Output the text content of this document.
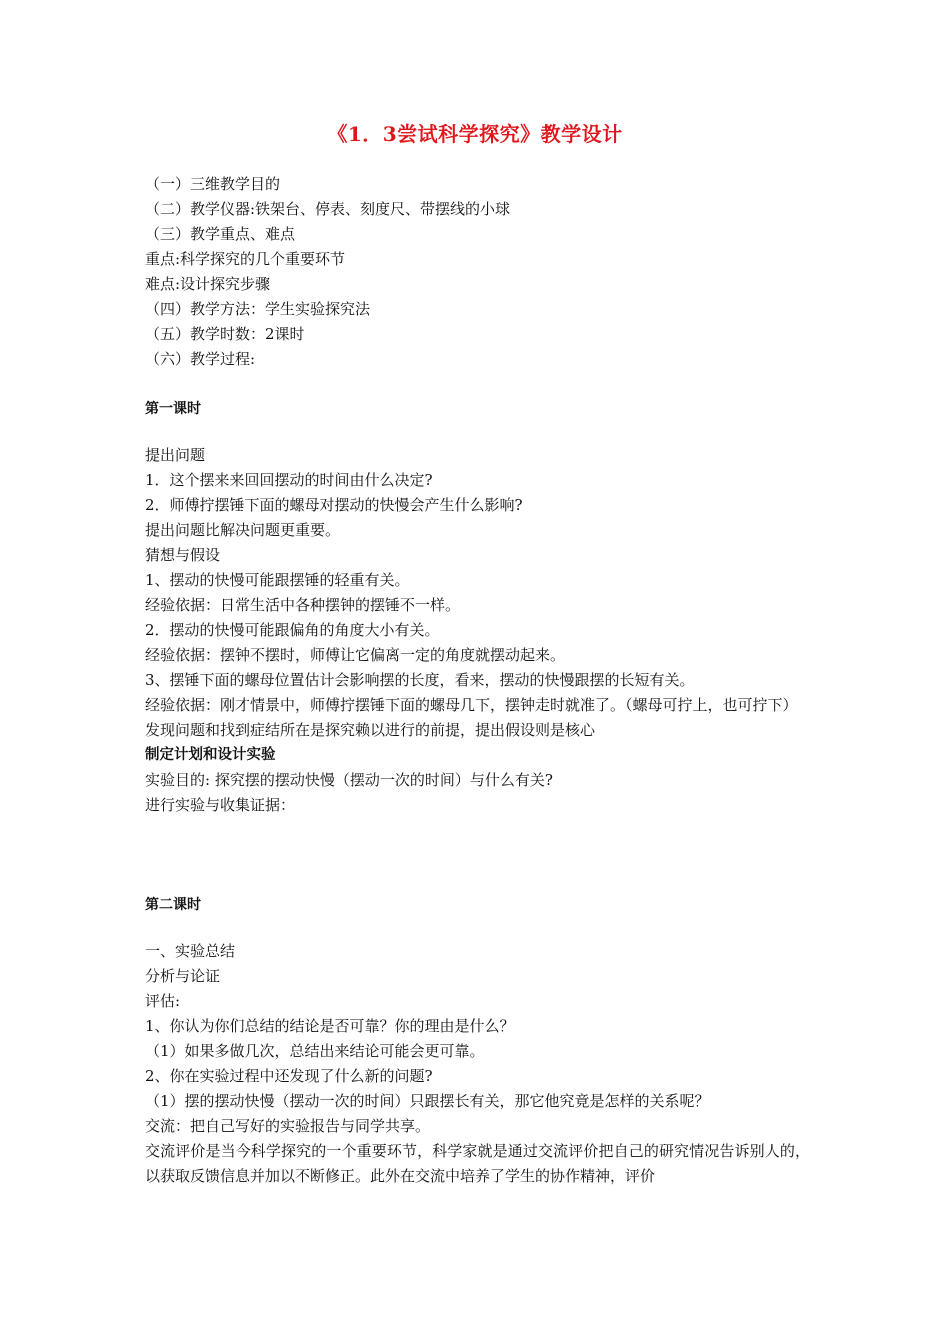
《1．3尝试科学探究》教学设计
（一）三维教学目的
（二）教学仪器:铁架台、停表、刻度尺、带摆线的小球
（三）教学重点、难点
重点:科学探究的几个重要环节
难点:设计探究步骤
（四）教学方法：学生实验探究法
（五）教学时数：2课时
（六）教学过程:
第一课时
提出问题
1．这个摆来来回回摆动的时间由什么决定?
2．师傅拧摆锤下面的螺母对摆动的快慢会产生什么影响?
提出问题比解决问题更重要。
猜想与假设
1、摆动的快慢可能跟摆锤的轻重有关。
经验依据：日常生活中各种摆钟的摆锤不一样。
2．摆动的快慢可能跟偏角的角度大小有关。
经验依据：摆钟不摆时，师傅让它偏离一定的角度就摆动起来。
3、摆锤下面的螺母位置估计会影响摆的长度，看来，摆动的快慢跟摆的长短有关。
经验依据：刚才情景中，师傅拧摆锤下面的螺母几下，摆钟走时就准了。（螺母可拧上，也可拧下）
发现问题和找到症结所在是探究赖以进行的前提，提出假设则是核心
制定计划和设计实验
实验目的: 探究摆的摆动快慢（摆动一次的时间）与什么有关?
进行实验与收集证据：
第二课时
一、实验总结
分析与论证
评估:
1、你认为你们总结的结论是否可靠？你的理由是什么？
（1）如果多做几次，总结出来结论可能会更可靠。
2、你在实验过程中还发现了什么新的问题?
（1）摆的摆动快慢（摆动一次的时间）只跟摆长有关，那它他究竟是怎样的关系呢？
交流：把自己写好的实验报告与同学共享。
交流评价是当今科学探究的一个重要环节，科学家就是通过交流评价把自己的研究情况告诉别人的，以获取反馈信息并加以不断修正。此外在交流中培养了学生的协作精神，评价
